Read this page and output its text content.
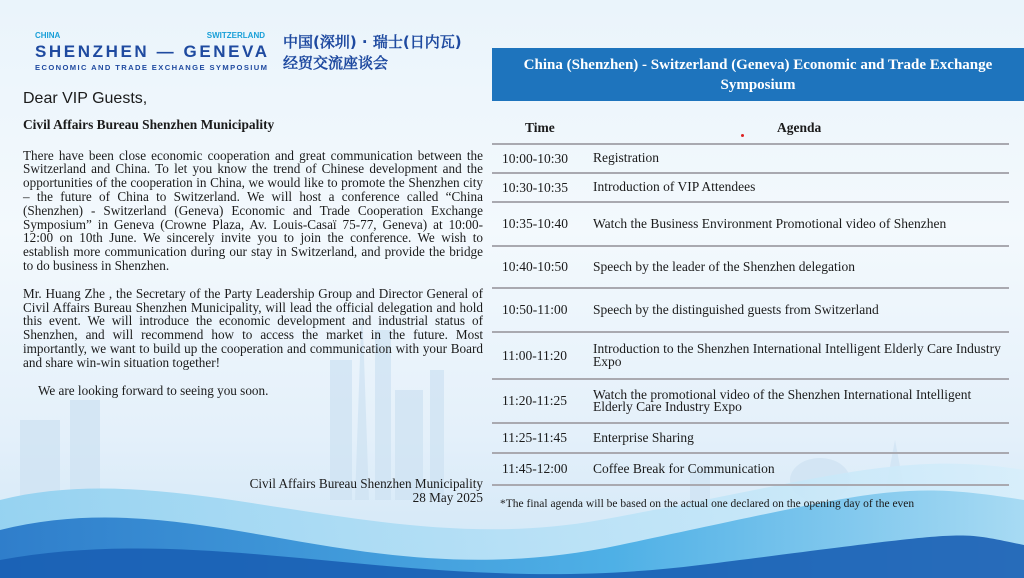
CHINA	SWITZERLAND
SHENZHEN — GENEVA
ECONOMIC AND TRADE EXCHANGE SYMPOSIUM
中国(深圳) · 瑞士(日内瓦)
经贸交流座谈会
Dear VIP Guests,
Civil Affairs Bureau Shenzhen Municipality
There have been close economic cooperation and great communication between the Switzerland and China. To let you know the trend of Chinese development and the opportunities of the cooperation in China, we would like to promote the Shenzhen city – the future of China to Switzerland. We will host a conference called “China (Shenzhen) - Switzerland (Geneva) Economic and Trade Cooperation Exchange Symposium” in Geneva (Crowne Plaza, Av. Louis-Casaï 75-77, Geneva) at 10:00-12:00 on 10th June. We sincerely invite you to join the conference. We wish to establish more communication during our stay in Switzerland, and provide the bridge to do business in Shenzhen.
Mr. Huang Zhe , the Secretary of the Party Leadership Group and Director General of Civil Affairs Bureau Shenzhen Municipality, will lead the official delegation and hold this event. We will introduce the economic development and industrial status of Shenzhen, and will recommend how to access the market in the future. Most importantly, we want to build up the cooperation and communication with your Board and share win-win situation together!
We are looking forward to seeing you soon.
Civil Affairs Bureau Shenzhen Municipality
28 May 2025
China (Shenzhen) - Switzerland (Geneva) Economic and Trade Exchange Symposium
Time	Agenda
10:00-10:30	Registration
10:30-10:35	Introduction of VIP Attendees
10:35-10:40	Watch the Business Environment Promotional video of Shenzhen
10:40-10:50	Speech by the leader of the Shenzhen delegation
10:50-11:00	Speech by the distinguished guests from Switzerland
11:00-11:20	Introduction to the Shenzhen International Intelligent Elderly Care Industry Expo
11:20-11:25	Watch the promotional video of the Shenzhen International Intelligent Elderly Care Industry Expo
11:25-11:45	Enterprise Sharing
11:45-12:00	Coffee Break for Communication
*The final agenda will be based on the actual one declared on the opening day of the even
